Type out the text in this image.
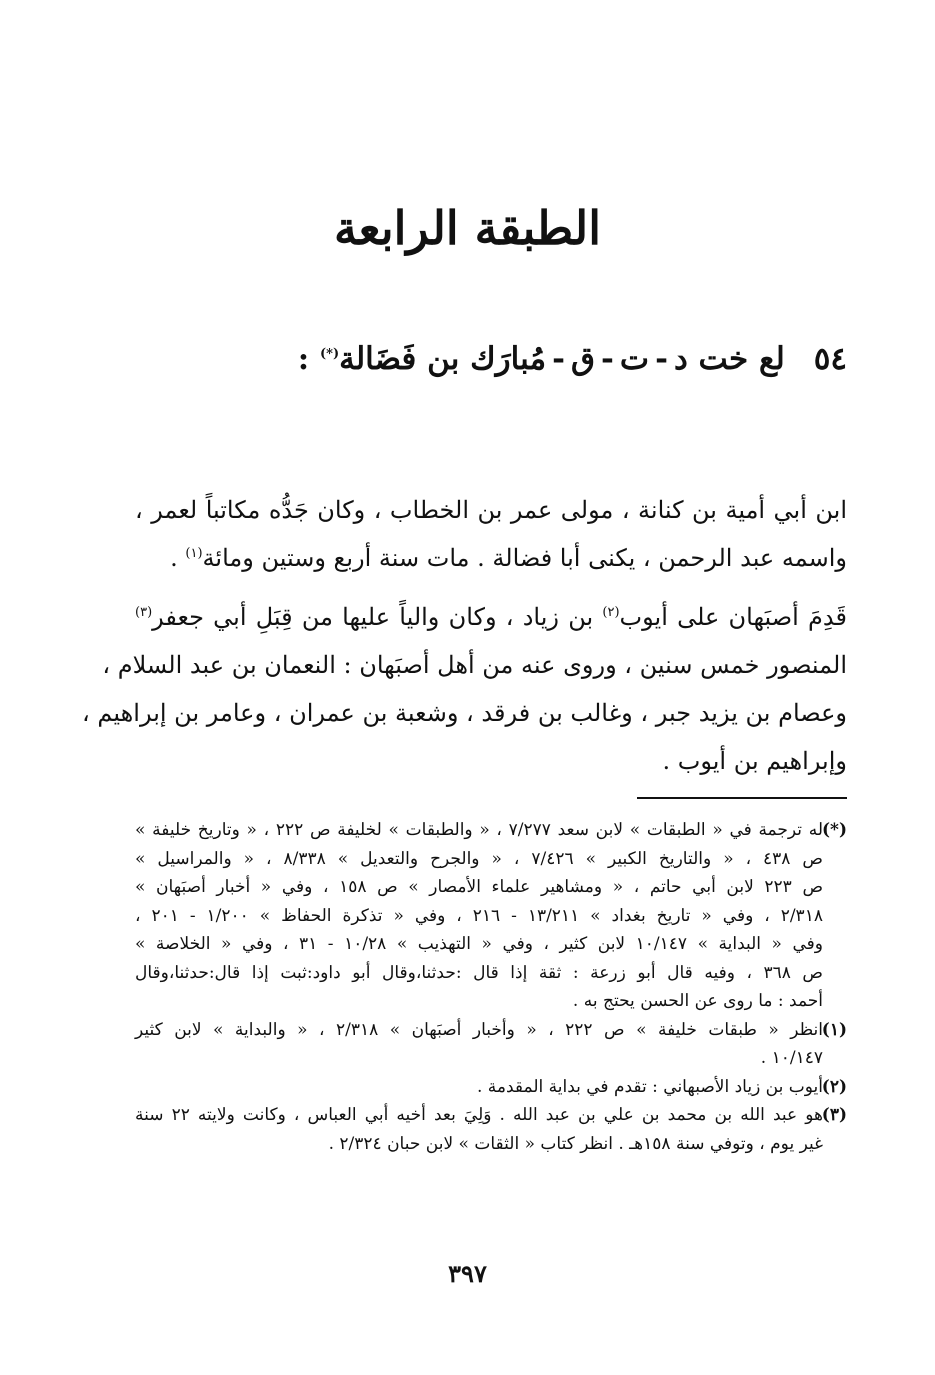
الطبقة الرابعة
٥٤ ﻟﻊ خت د-ت-ق-مُبارَك بن فَضَالة(*) :
ابن أبي أمية بن كنانة ، مولى عمر بن الخطاب ، وكان جَدُّه مكاتباً لعمر ،
واسمه عبد الرحمن ، يكنى أبا فضالة . مات سنة أربع وستين ومائة$^{(١)}$ .
قَدِمَ أصبَهان على أيوب$^{(٢)}$ بن زياد ، وكان والياً عليها من قِبَلِ أبي جعفر$^{(٣)}$
المنصور خمس سنين ، وروى عنه من أهل أصبَهان : النعمان بن عبد السلام ،
وعصام بن يزيد جبر ، وغالب بن فرقد ، وشعبة بن عمران ، وعامر بن إبراهيم ،
وإبراهيم بن أيوب .
(*)
له ترجمة في « الطبقات » لابن سعد ٧/٢٧٧ ، « والطبقات » لخليفة ص ٢٢٢ ، « وتاريخ خليفة »
ص ٤٣٨ ، « والتاريخ الكبير » ٧/٤٢٦ ، « والجرح والتعديل » ٨/٣٣٨ ، « والمراسيل »
ص ٢٢٣ لابن أبي حاتم ، « ومشاهير علماء الأمصار » ص ١٥٨ ، وفي « أخبار أصبَهان »
٢/٣١٨ ، وفي « تاريخ بغداد » ١٣/٢١١ - ٢١٦ ، وفي « تذكرة الحفاظ » ١/٢٠٠ - ٢٠١ ،
وفي « البداية » ١٠/١٤٧ لابن كثير ، وفي « التهذيب » ١٠/٢٨ - ٣١ ، وفي « الخلاصة »
ص ٣٦٨ ، وفيه قال أبو زرعة : ثقة إذا قال :حدثنا،وقال أبو داود:ثبت إذا قال:حدثنا،وقال
أحمد : ما روى عن الحسن يحتج به .
(١)
انظر « طبقات خليفة » ص ٢٢٢ ، « وأخبار أصبَهان » ٢/٣١٨ ، « والبداية » لابن كثير
١٠/١٤٧ .
(٢)
أيوب بن زياد الأصبهاني : تقدم في بداية المقدمة .
(٣)
هو عبد الله بن محمد بن علي بن عبد الله . وَلِيَ بعد أخيه أبي العباس ، وكانت ولايته ٢٢ سنة
غير يوم ، وتوفي سنة ١٥٨هـ . انظر كتاب « الثقات » لابن حبان ٢/٣٢٤ .
٣٩٧
